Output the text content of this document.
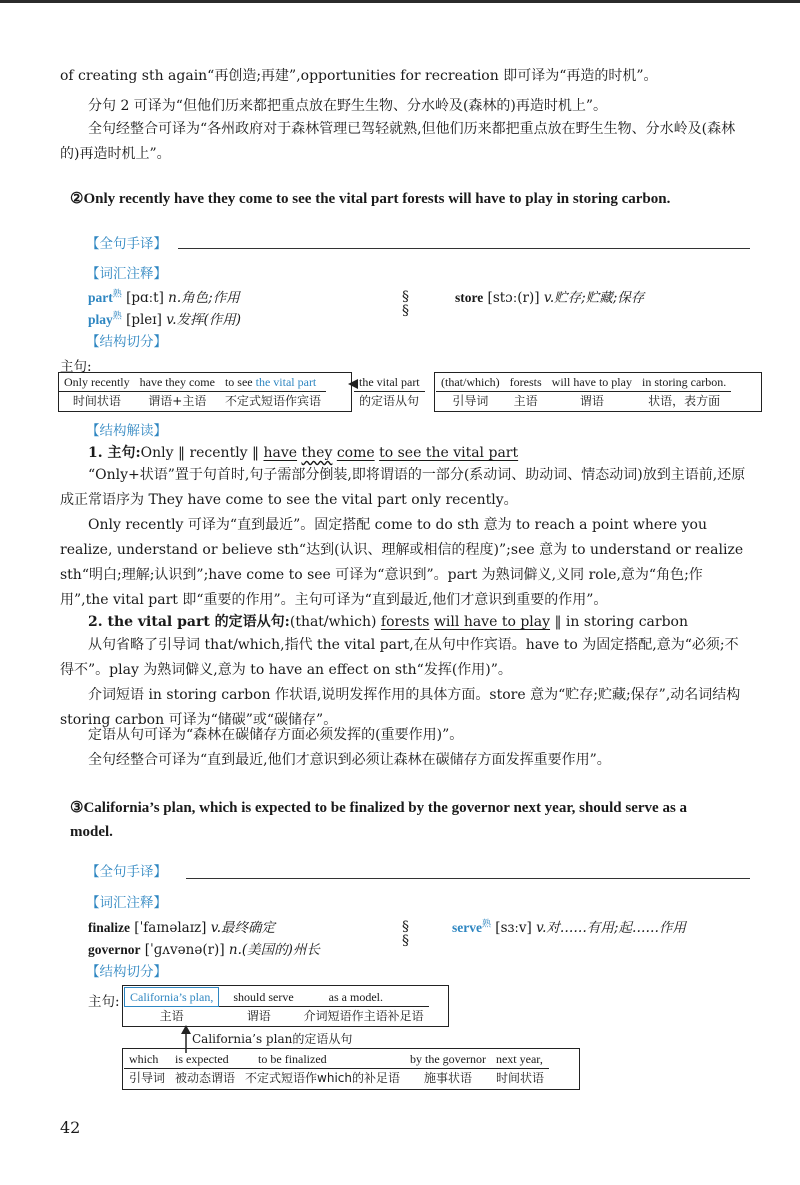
of creating sth again“再创造;再建”,opportunities for recreation 即可译为“再造的时机”。

分句 2 可译为“但他们历来都把重点放在野生生物、分水岭及(森林的)再造时机上”。

全句经整合可译为“各州政府对于森林管理已驾轻就熟,但他们历来都把重点放在野生生物、分水岭及(森林的)再造时机上”。

②Only recently have they come to see the vital part forests will have to play in storing carbon.

【全句手译】
【词汇注释】
part$^熟$ [pɑːt] n.角色;作用
play$^熟$ [pleɪ] v.发挥(作用)
§
§
store [stɔː(r)] v.贮存;贮藏;保存
【结构切分】
主句:
Only recently	have they come	to see the vital part
时间状语	谓语+主语	不定式短语作宾语
the vital part
的定语从句
(that/which)	forests	will have to play	in storing carbon.
引导词	主语	谓语	状语，表方面
【结构解读】

1. 主句:Only ‖ recently ‖ have they come to see the vital part

“Only+状语”置于句首时,句子需部分倒装,即将谓语的一部分(系动词、助动词、情态动词)放到主语前,还原成正常语序为 They have come to see the vital part only recently。

Only recently 可译为“直到最近”。固定搭配 come to do sth 意为 to reach a point where you realize, understand or believe sth“达到(认识、理解或相信的程度)”;see 意为 to understand or realize sth“明白;理解;认识到”;have come to see 可译为“意识到”。part 为熟词僻义,义同 role,意为“角色;作用”,the vital part 即“重要的作用”。主句可译为“直到最近,他们才意识到重要的作用”。

2. the vital part 的定语从句:(that/which) forests will have to play ‖ in storing carbon

从句省略了引导词 that/which,指代 the vital part,在从句中作宾语。have to 为固定搭配,意为“必须;不得不”。play 为熟词僻义,意为 to have an effect on sth“发挥(作用)”。

介词短语 in storing carbon 作状语,说明发挥作用的具体方面。store 意为“贮存;贮藏;保存”,动名词结构 storing carbon 可译为“储碳”或“碳储存”。

定语从句可译为“森林在碳储存方面必须发挥的(重要作用)”。

全句经整合可译为“直到最近,他们才意识到必须让森林在碳储存方面发挥重要作用”。

③California’s plan, which is expected to be finalized by the governor next year, should serve as a

model.

【全句手译】
【词汇注释】
finalize [ˈfaɪnəlaɪz] v.最终确定
governor [ˈɡʌvənə(r)] n.(美国的)州长
§
§
serve$^熟$ [sɜːv] v.对……有用;起……作用
【结构切分】
主句: California’s plan,	should serve	as a model.
主语	谓语	介词短语作主语补足语
California’s plan的定语从句
which	is expected	to be finalized	by the governor	next year,
引导词	被动态谓语	不定式短语作which的补足语	施事状语	时间状语
42
